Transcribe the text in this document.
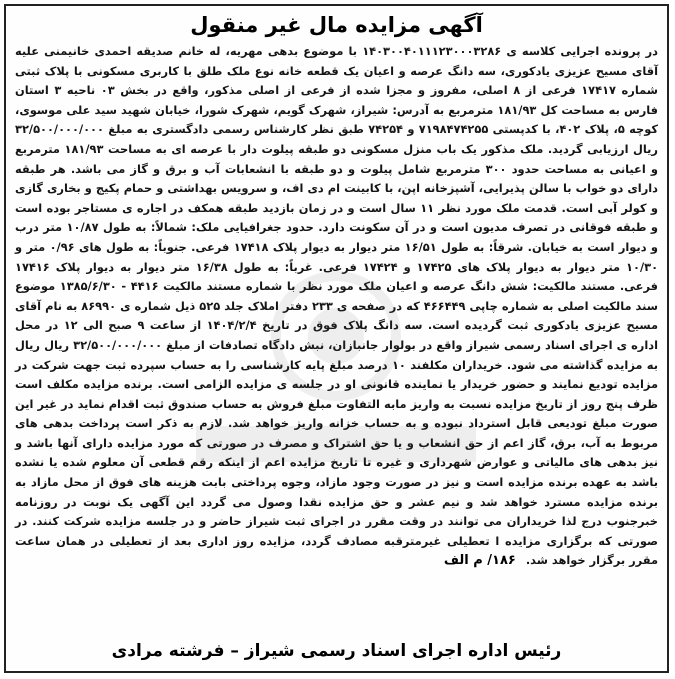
آگهی مزایده مال غیر منقول
در پرونده اجرایی کلاسه ی ۱۴۰۳۰۰۴۰۱۱۱۲۳۰۰۰۳۲۸۶ با موضوع بدهی مهریه، له خانم صدیقه احمدی خانیمنی علیه آقای مسیح عزیزی یادکوری، سه دانگ عرصه و اعیان یک قطعه خانه نوع ملک طلق با کاربری مسکونی با پلاک ثبتی شماره ۱۷۴۱۷ فرعی از ۸ اصلی، مفروز و مجزا شده از فرعی از اصلی مذکور، واقع در بخش ۰۳ ناحیه ۳ استان فارس به مساحت کل ۱۸۱/۹۳ مترمربع به آدرس: شیراز، شهرک گویم، شهرک شورا، خیابان شهید سید علی موسوی، کوچه ۵، پلاک ۴۰۲، با کدپستی ۷۱۹۸۴۷۴۲۵۵ و ۷۴۲۵۴ طبق نظر کارشناس رسمی دادگستری به مبلغ ۳۲/۵۰۰/۰۰۰/۰۰۰ ریال ارزیابی گردید. ملک مذکور یک باب منزل مسکونی دو طبقه پیلوت دار با عرصه ای به مساحت ۱۸۱/۹۳ مترمربع و اعیانی به مساحت حدود ۳۰۰ مترمربع شامل پیلوت و دو طبقه با انشعابات آب و برق و گاز می باشد. هر طبقه دارای دو خواب با سالن پذیرایی، آشپزخانه اپن، با کابینت ام دی اف، و سرویس بهداشتی و حمام پکیج و بخاری گازی و کولر آبی است. قدمت ملک مورد نظر ۱۱ سال است و در زمان بازدید طبقه همکف در اجاره ی مستاجر بوده است و طبقه فوقانی در تصرف مدیون است و در آن سکونت دارد. حدود جغرافیایی ملک: شمالاً: به طول ۱۰/۸۷ متر درب و دیوار است به خیابان. شرقاً: به طول ۱۶/۵۱ متر دیوار به دیوار پلاک ۱۷۴۱۸ فرعی. جنوباً: به طول های ۰/۹۶ متر و ۱۰/۳۰ متر دیوار به دیوار پلاک های ۱۷۴۲۵ و ۱۷۴۲۴ فرعی. غرباً: به طول ۱۶/۳۸ متر دیوار به دیوار پلاک ۱۷۴۱۶ فرعی. مستند مالکیت: شش دانگ عرصه و اعیان ملک مورد نظر با شماره مستند مالکیت ۴۴۱۶ - ۱۳۸۵/۶/۳۰ موضوع سند مالکیت اصلی به شماره چاپی ۴۶۶۴۴۹ که در صفحه ی ۲۳۳ دفتر املاک جلد ۵۲۵ ذیل شماره ی ۸۶۹۹۰ به نام آقای مسیح عزیزی یادکوری ثبت گردیده است. سه دانگ پلاک فوق در تاریخ ۱۴۰۴/۲/۴ از ساعت ۹ صبح الی ۱۲ در محل اداره ی اجرای اسناد رسمی شیراز واقع در بولوار جانبازان، نبش دادگاه تصادفات از مبلغ ۳۲/۵۰۰/۰۰۰/۰۰۰ ریال ریال به مزایده گذاشته می شود. خریداران مکلفند ۱۰ درصد مبلغ پایه کارشناسی را به حساب سپرده ثبت جهت شرکت در مزایده تودیع نمایند و حضور خریدار یا نماینده قانونی او در جلسه ی مزایده الزامی است. برنده مزایده مکلف است ظرف پنج روز از تاریخ مزایده نسبت به واریز مابه التفاوت مبلغ فروش به حساب صندوق ثبت اقدام نماید در غیر این صورت مبلغ تودیعی قابل استرداد نبوده و به حساب خزانه واریز خواهد شد. لازم به ذکر است پرداخت بدهی های مربوط به آب، برق، گاز اعم از حق انشعاب و یا حق اشتراک و مصرف در صورتی که مورد مزایده دارای آنها باشد و نیز بدهی های مالیاتی و عوارض شهرداری و غیره تا تاریخ مزایده اعم از اینکه رقم قطعی آن معلوم شده یا نشده باشد به عهده برنده مزایده است و نیز در صورت وجود مازاد، وجوه پرداختی بابت هزینه های فوق از محل مازاد به برنده مزایده مسترد خواهد شد و نیم عشر و حق مزایده نقدا وصول می گردد این آگهی یک نوبت در روزنامه خبرجنوب درج لذا خریداران می توانند در وقت مقرر در اجرای ثبت شیراز حاضر و در جلسه مزایده شرکت کنند. در صورتی که برگزاری مزایده ا تعطیلی غیرمترقبه مصادف گردد، مزایده روز اداری بعد از تعطیلی در همان ساعت مقرر برگزار خواهد شد. ۱۸۶/ م الف
رئیس اداره اجرای اسناد رسمی شیراز – فرشته مرادی
